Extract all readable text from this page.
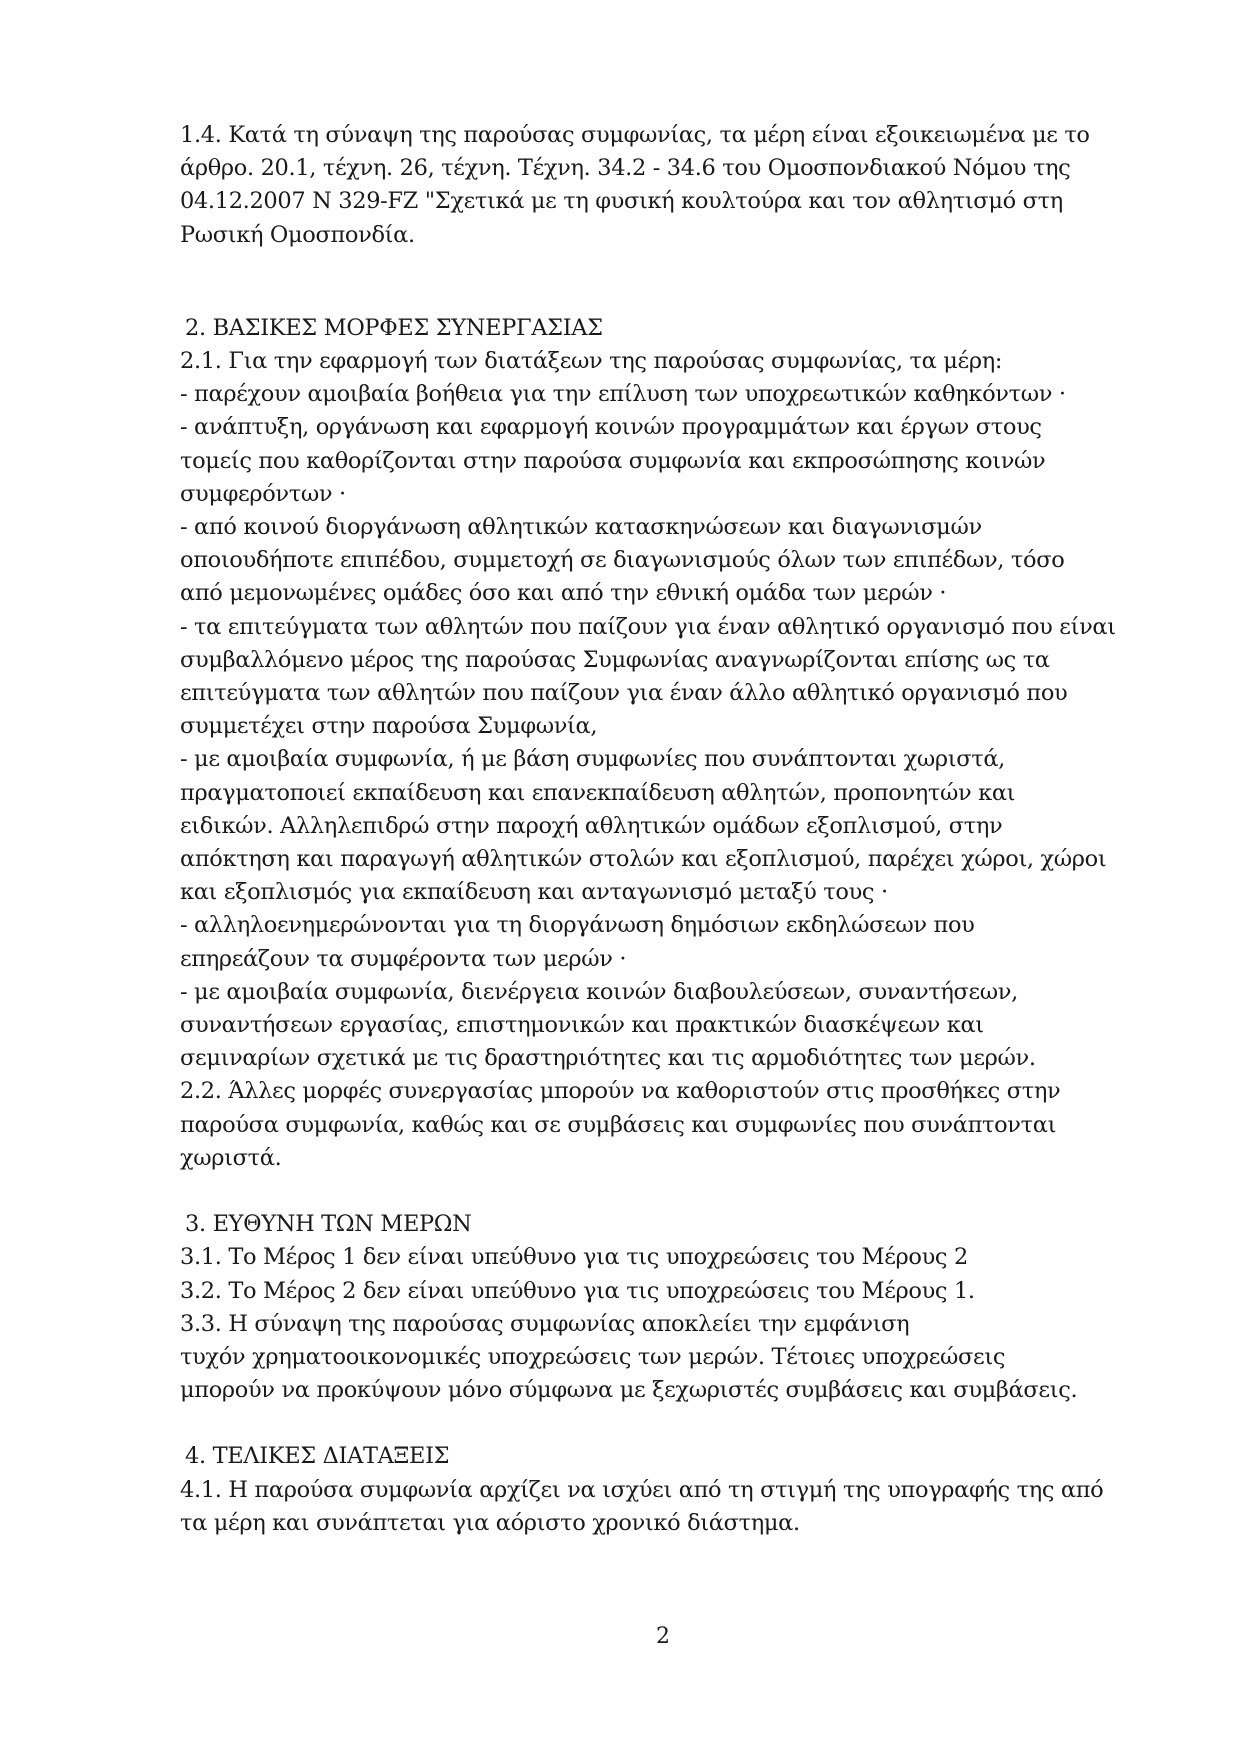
1.4. Κατά τη σύναψη της παρούσας συμφωνίας, τα μέρη είναι εξοικειωμένα με το
άρθρο. 20.1, τέχνη. 26, τέχνη. Τέχνη. 34.2 - 34.6 του Ομοσπονδιακού Νόμου της
04.12.2007 N 329-FZ "Σχετικά με τη φυσική κουλτούρα και τον αθλητισμό στη
Ρωσική Ομοσπονδία.
2. ΒΑΣΙΚΕΣ ΜΟΡΦΕΣ ΣΥΝΕΡΓΑΣΙΑΣ
2.1. Για την εφαρμογή των διατάξεων της παρούσας συμφωνίας, τα μέρη:
- παρέχουν αμοιβαία βοήθεια για την επίλυση των υποχρεωτικών καθηκόντων ·
- ανάπτυξη, οργάνωση και εφαρμογή κοινών προγραμμάτων και έργων στους
τομείς που καθορίζονται στην παρούσα συμφωνία και εκπροσώπησης κοινών
συμφερόντων ·
- από κοινού διοργάνωση αθλητικών κατασκηνώσεων και διαγωνισμών
οποιουδήποτε επιπέδου, συμμετοχή σε διαγωνισμούς όλων των επιπέδων, τόσο
από μεμονωμένες ομάδες όσο και από την εθνική ομάδα των μερών ·
- τα επιτεύγματα των αθλητών που παίζουν για έναν αθλητικό οργανισμό που είναι
συμβαλλόμενο μέρος της παρούσας Συμφωνίας αναγνωρίζονται επίσης ως τα
επιτεύγματα των αθλητών που παίζουν για έναν άλλο αθλητικό οργανισμό που
συμμετέχει στην παρούσα Συμφωνία,
- με αμοιβαία συμφωνία, ή με βάση συμφωνίες που συνάπτονται χωριστά,
πραγματοποιεί εκπαίδευση και επανεκπαίδευση αθλητών, προπονητών και
ειδικών. Αλληλεπιδρώ στην παροχή αθλητικών ομάδων εξοπλισμού, στην
απόκτηση και παραγωγή αθλητικών στολών και εξοπλισμού, παρέχει χώροι, χώροι
και εξοπλισμός για εκπαίδευση και ανταγωνισμό μεταξύ τους ·
- αλληλοενημερώνονται για τη διοργάνωση δημόσιων εκδηλώσεων που
επηρεάζουν τα συμφέροντα των μερών ·
- με αμοιβαία συμφωνία, διενέργεια κοινών διαβουλεύσεων, συναντήσεων,
συναντήσεων εργασίας, επιστημονικών και πρακτικών διασκέψεων και
σεμιναρίων σχετικά με τις δραστηριότητες και τις αρμοδιότητες των μερών.
2.2. Άλλες μορφές συνεργασίας μπορούν να καθοριστούν στις προσθήκες στην
παρούσα συμφωνία, καθώς και σε συμβάσεις και συμφωνίες που συνάπτονται
χωριστά.
3. ΕΥΘΥΝΗ ΤΩΝ ΜΕΡΩΝ
3.1. Το Μέρος 1 δεν είναι υπεύθυνο για τις υποχρεώσεις του Μέρους 2
3.2. Το Μέρος 2 δεν είναι υπεύθυνο για τις υποχρεώσεις του Μέρους 1.
3.3. Η σύναψη της παρούσας συμφωνίας αποκλείει την εμφάνιση
τυχόν χρηματοοικονομικές υποχρεώσεις των μερών. Τέτοιες υποχρεώσεις
μπορούν να προκύψουν μόνο σύμφωνα με ξεχωριστές συμβάσεις και συμβάσεις.
4. ΤΕΛΙΚΕΣ ΔΙΑΤΑΞΕΙΣ
4.1. Η παρούσα συμφωνία αρχίζει να ισχύει από τη στιγμή της υπογραφής της από
τα μέρη και συνάπτεται για αόριστο χρονικό διάστημα.
2
